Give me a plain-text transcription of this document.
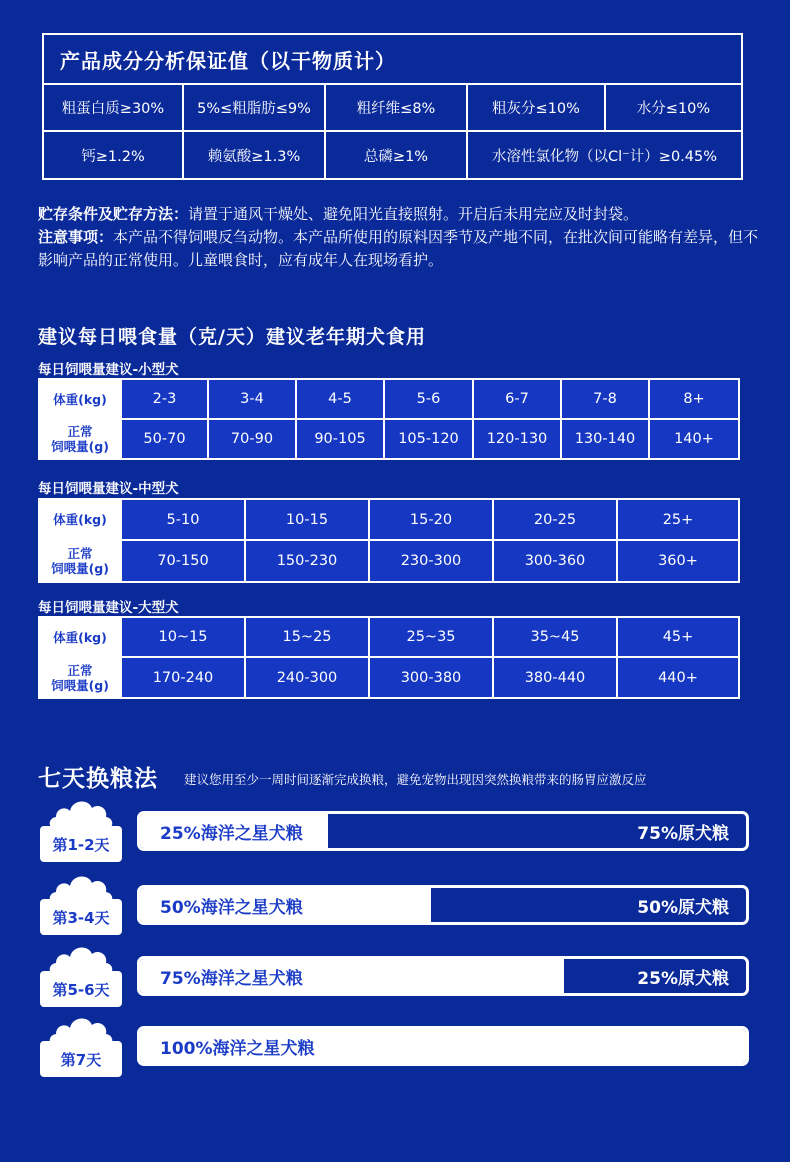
产品成分分析保证值（以干物质计）
粗蛋白质≥30%	5%≤粗脂肪≤9%	粗纤维≤8%	粗灰分≤10%	水分≤10%
钙≥1.2%	赖氨酸≥1.3%	总磷≥1%	水溶性氯化物（以Cl⁻计）≥0.45%
贮存条件及贮存方法：请置于通风干燥处、避免阳光直接照射。开启后未用完应及时封袋。
注意事项：本产品不得饲喂反刍动物。本产品所使用的原料因季节及产地不同，在批次间可能略有差异，但不影响产品的正常使用。儿童喂食时，应有成年人在现场看护。
建议每日喂食量（克/天）建议老年期犬食用
每日饲喂量建议-小型犬
体重(kg)	2-3	3-4	4-5	5-6	6-7	7-8	8+
正常
饲喂量(g)	50-70	70-90	90-105	105-120	120-130	130-140	140+
每日饲喂量建议-中型犬
体重(kg)	5-10	10-15	15-20	20-25	25+
正常
饲喂量(g)	70-150	150-230	230-300	300-360	360+
每日饲喂量建议-大型犬
体重(kg)	10~15	15~25	25~35	35~45	45+
正常
饲喂量(g)	170-240	240-300	300-380	380-440	440+
七天换粮法 建议您用至少一周时间逐渐完成换粮，避免宠物出现因突然换粮带来的肠胃应激反应
第1-2天
25%海洋之星犬粮	75%原犬粮
第3-4天	50%海洋之星犬粮	50%原犬粮
第5-6天
75%海洋之星犬粮	25%原犬粮
第7天
100%海洋之星犬粮
